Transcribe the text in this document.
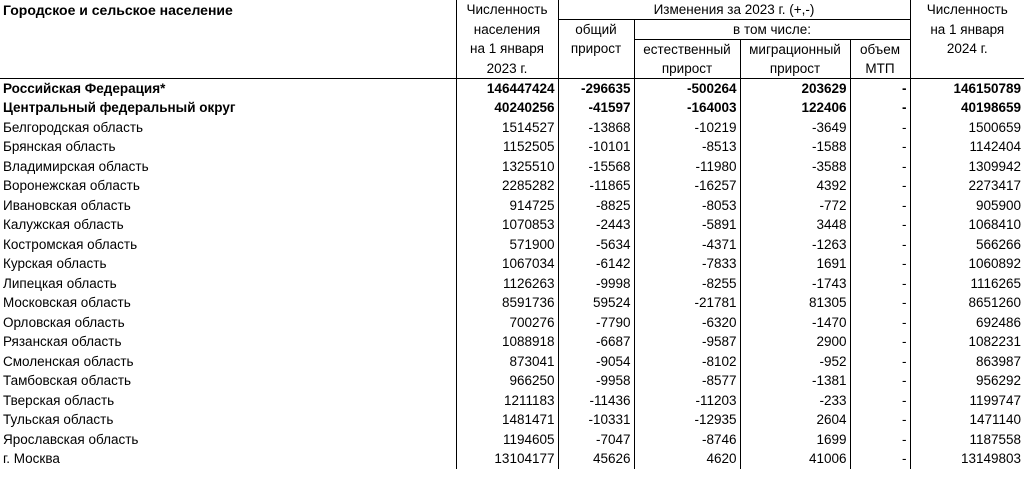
Городское и сельское население	Численность	Изменения за 2023 г. (+,-)				Численность
	населения	общий	в том числе:			на 1 января
	на 1 января	прирост	естественный	миграционный	объем	2024 г.
	2023 г.		прирост	прирост	МТП	
Российская Федерация*	146447424	-296635	-500264	203629	-	146150789
Центральный федеральный округ	40240256	-41597	-164003	122406	-	40198659
Белгородская область	1514527	-13868	-10219	-3649	-	1500659
Брянская область	1152505	-10101	-8513	-1588	-	1142404
Владимирская область	1325510	-15568	-11980	-3588	-	1309942
Воронежская область	2285282	-11865	-16257	4392	-	2273417
Ивановская область	914725	-8825	-8053	-772	-	905900
Калужская область	1070853	-2443	-5891	3448	-	1068410
Костромская область	571900	-5634	-4371	-1263	-	566266
Курская область	1067034	-6142	-7833	1691	-	1060892
Липецкая область	1126263	-9998	-8255	-1743	-	1116265
Московская область	8591736	59524	-21781	81305	-	8651260
Орловская область	700276	-7790	-6320	-1470	-	692486
Рязанская область	1088918	-6687	-9587	2900	-	1082231
Смоленская область	873041	-9054	-8102	-952	-	863987
Тамбовская область	966250	-9958	-8577	-1381	-	956292
Тверская область	1211183	-11436	-11203	-233	-	1199747
Тульская область	1481471	-10331	-12935	2604	-	1471140
Ярославская область	1194605	-7047	-8746	1699	-	1187558
г. Москва	13104177	45626	4620	41006	-	13149803
